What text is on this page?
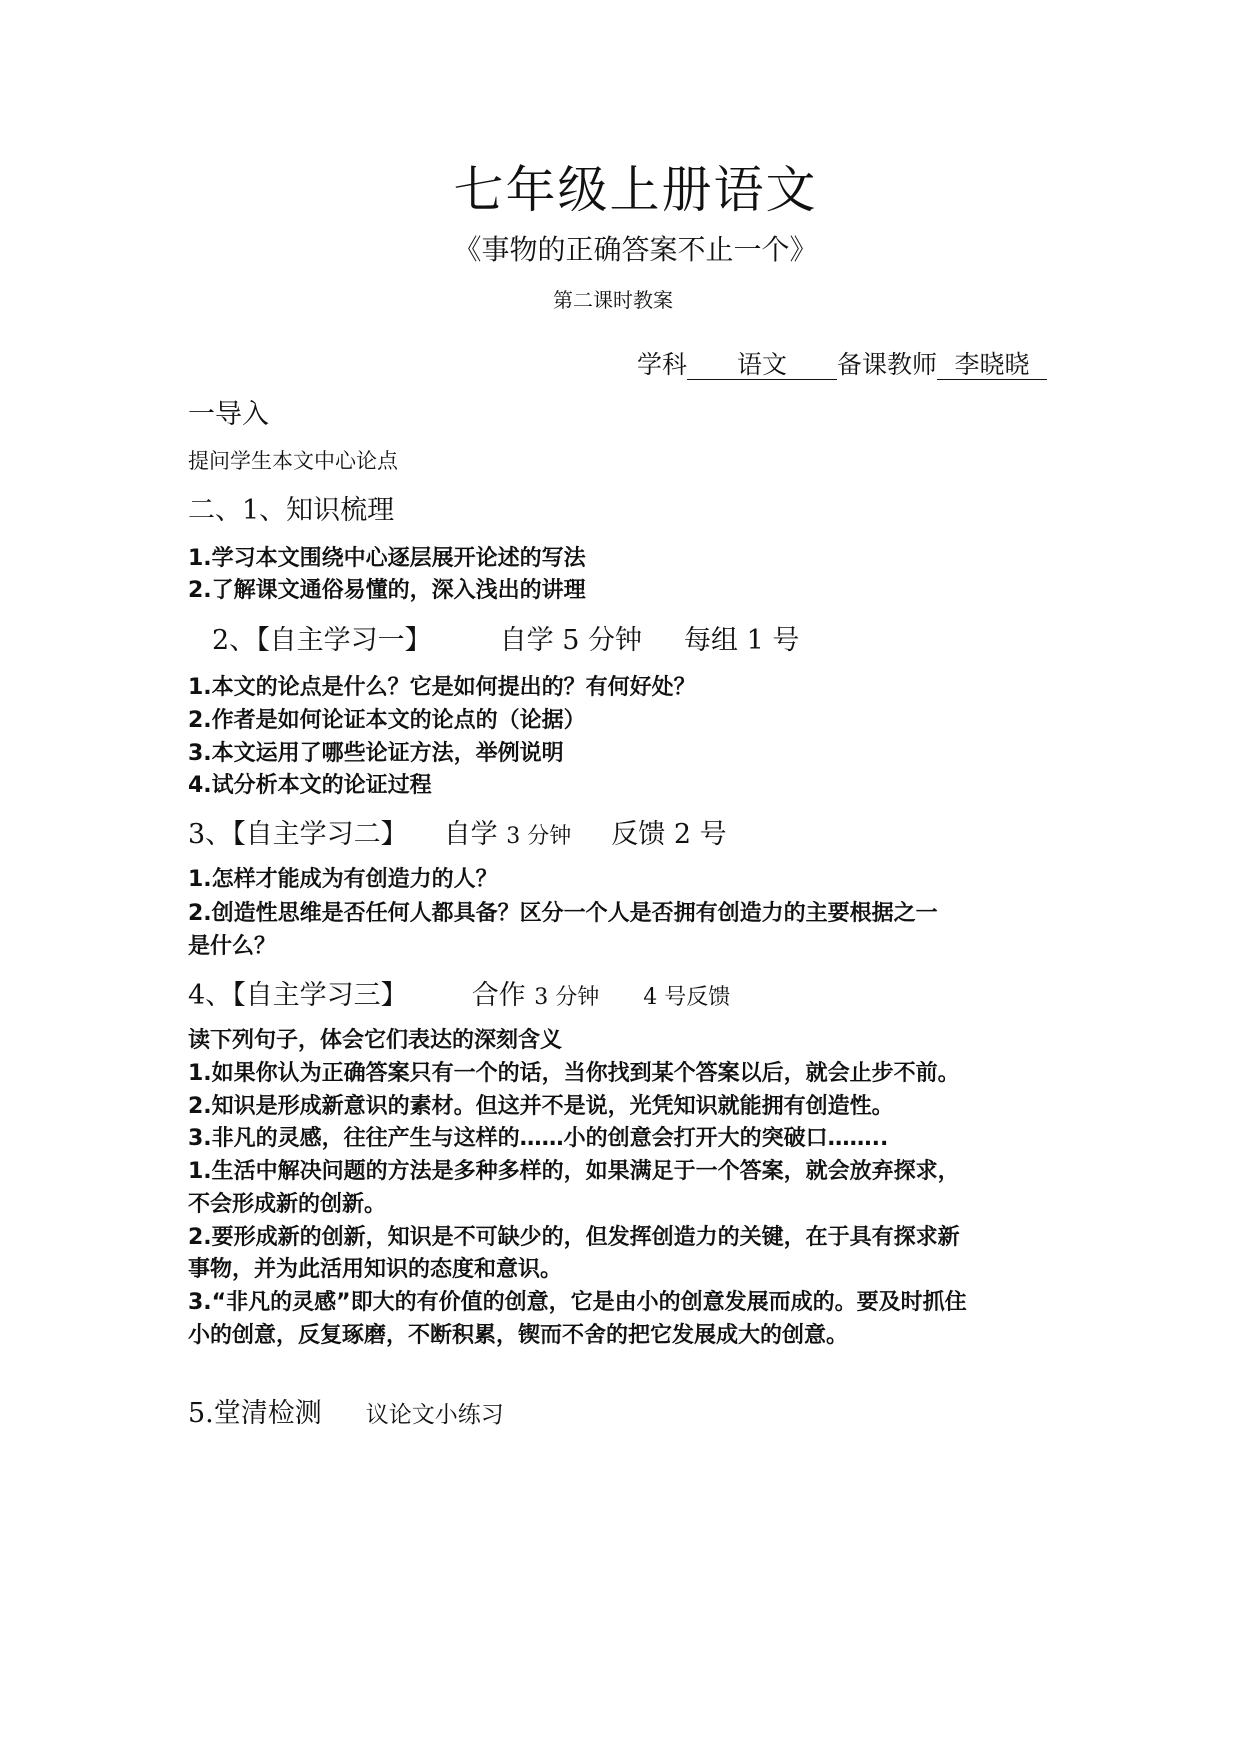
七年级上册语文
《事物的正确答案不止一个》
第二课时教案
学科 语文 备课教师 李晓晓
一导入
提问学生本文中心论点
二、1、知识梳理
1.学习本文围绕中心逐层展开论述的写法
2.了解课文通俗易懂的，深入浅出的讲理
2、【自主学习一】	自学 5 分钟 每组 1 号
1.本文的论点是什么？它是如何提出的？有何好处？
2.作者是如何论证本文的论点的（论据）
3.本文运用了哪些论证方法，举例说明
4.试分析本文的论证过程
3、【自主学习二】 自学 3 分钟 反馈 2 号
1.怎样才能成为有创造力的人？
2.创造性思维是否任何人都具备？区分一个人是否拥有创造力的主要根据之一
是什么？
4、【自主学习三】 合作 3 分钟 4 号反馈
读下列句子，体会它们表达的深刻含义
1.如果你认为正确答案只有一个的话，当你找到某个答案以后，就会止步不前。
2.知识是形成新意识的素材。但这并不是说，光凭知识就能拥有创造性。
3.非凡的灵感，往往产生与这样的……小的创意会打开大的突破口……..
1.生活中解决问题的方法是多种多样的，如果满足于一个答案，就会放弃探求，
不会形成新的创新。
2.要形成新的创新，知识是不可缺少的，但发挥创造力的关键，在于具有探求新
事物，并为此活用知识的态度和意识。
3.“非凡的灵感”即大的有价值的创意，它是由小的创意发展而成的。要及时抓住
小的创意，反复琢磨，不断积累，锲而不舍的把它发展成大的创意。
5.堂清检测 议论文小练习
